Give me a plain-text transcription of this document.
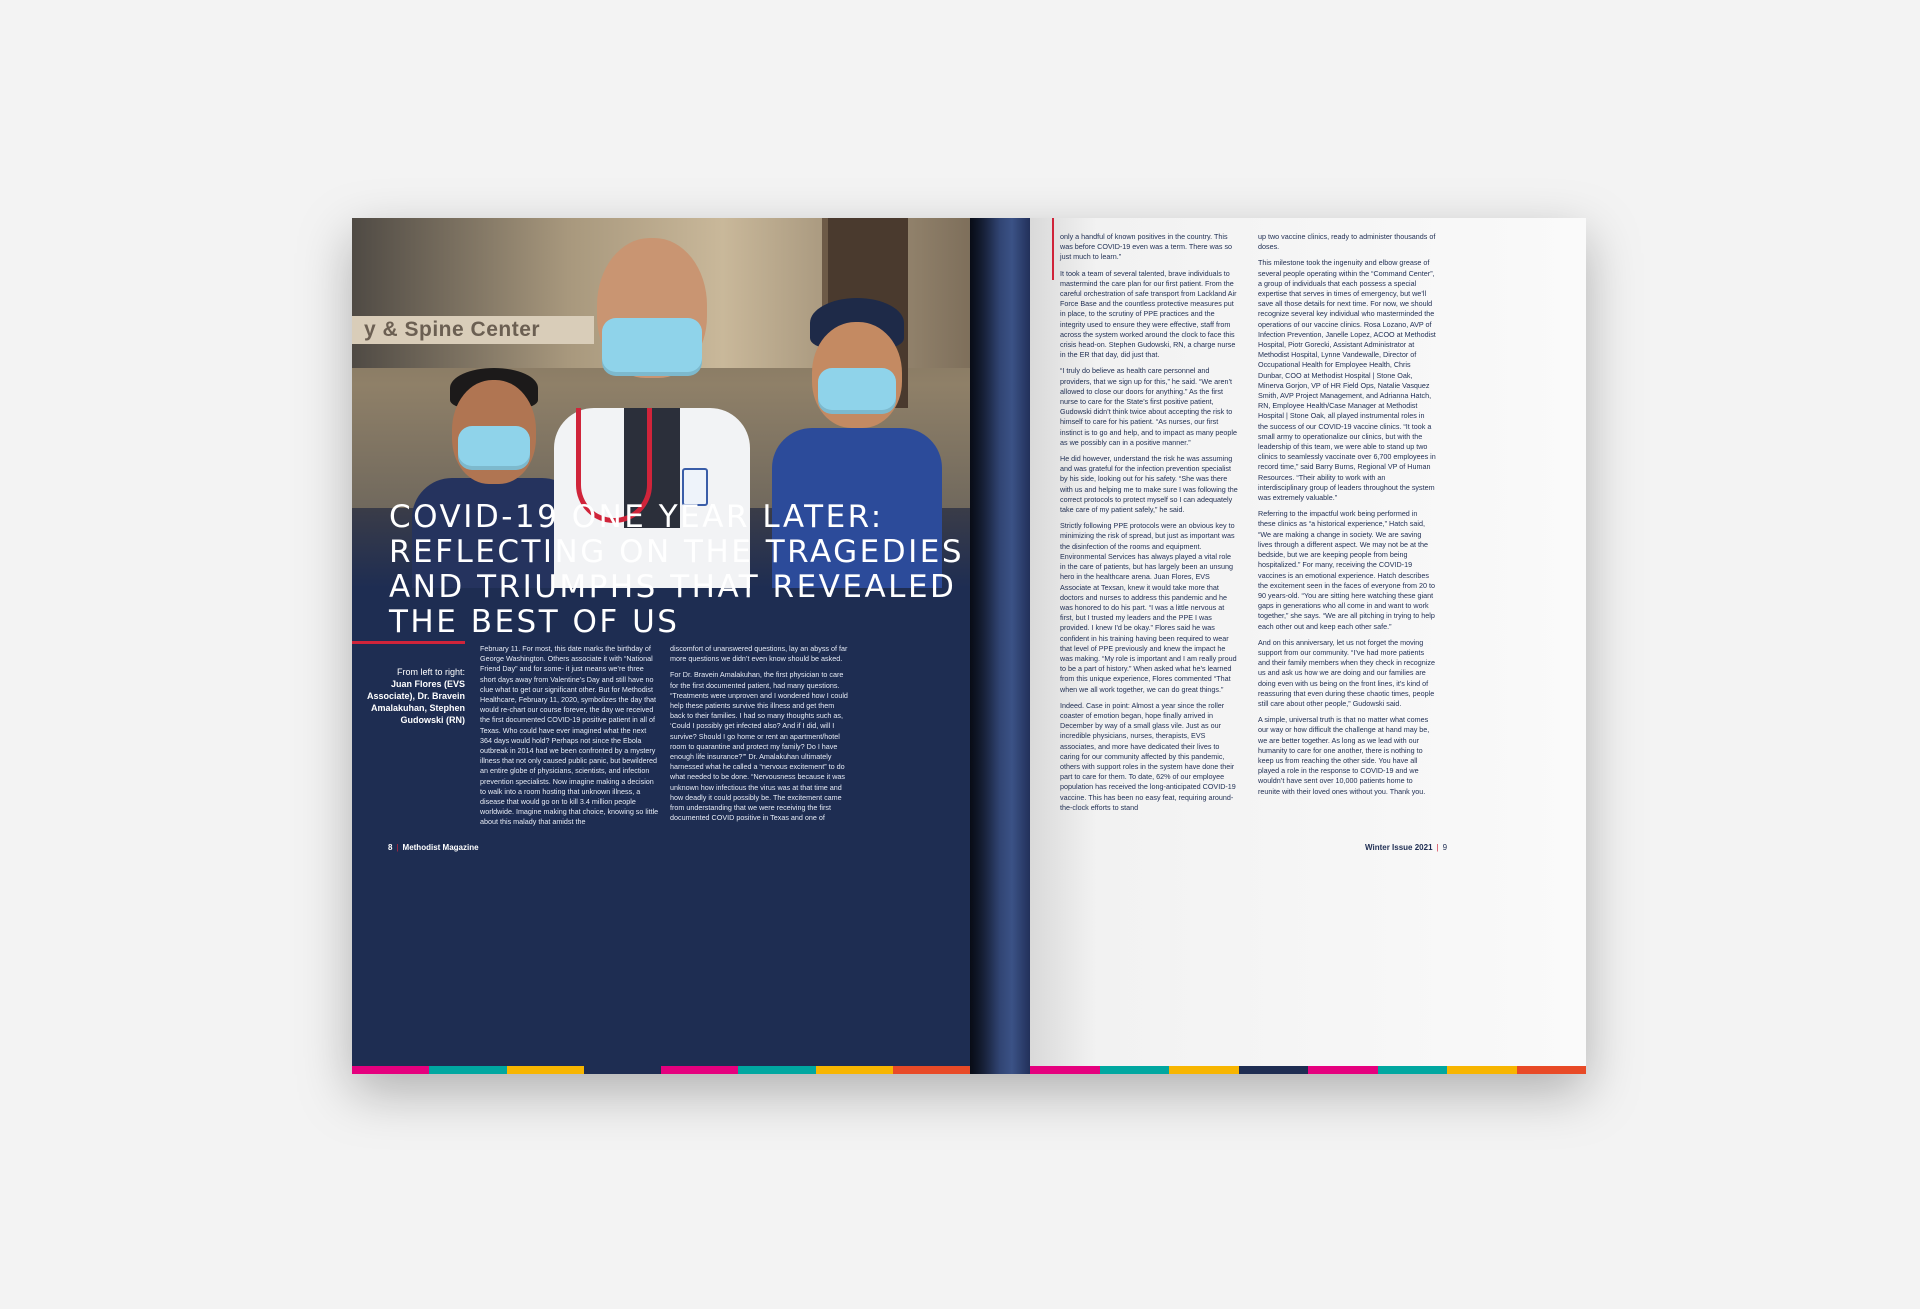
y & Spine Center
COVID-19 ONE YEAR LATER:
REFLECTING ON THE TRAGEDIES
AND TRIUMPHS THAT REVEALED
THE BEST OF US
From left to right:
Juan Flores (EVS Associate), Dr. Bravein Amalakuhan, Stephen Gudowski (RN)

February 11. For most, this date marks the birthday of George Washington. Others associate it with “National Friend Day” and for some- it just means we’re three short days away from Valentine’s Day and still have no clue what to get our significant other. But for Methodist Healthcare, February 11, 2020, symbolizes the day that would re-chart our course forever, the day we received the first documented COVID-19 positive patient in all of Texas. Who could have ever imagined what the next 364 days would hold? Perhaps not since the Ebola outbreak in 2014 had we been confronted by a mystery illness that not only caused public panic, but bewildered an entire globe of physicians, scientists, and infection prevention specialists. Now imagine making a decision to walk into a room hosting that unknown illness, a disease that would go on to kill 3.4 million people worldwide. Imagine making that choice, knowing so little about this malady that amidst the

discomfort of unanswered questions, lay an abyss of far more questions we didn’t even know should be asked.

For Dr. Bravein Amalakuhan, the first physician to care for the first documented patient, had many questions. “Treatments were unproven and I wondered how I could help these patients survive this illness and get them back to their families. I had so many thoughts such as, ‘Could I possibly get infected also? And if I did, will I survive? Should I go home or rent an apartment/hotel room to quarantine and protect my family? Do I have enough life insurance?’” Dr. Amalakuhan ultimately harnessed what he called a “nervous excitement” to do what needed to be done. “Nervousness because it was unknown how infectious the virus was at that time and how deadly it could possibly be. The excitement came from understanding that we were receiving the first documented COVID positive in Texas and one of

8 | Methodist Magazine

only a handful of known positives in the country. This was before COVID-19 even was a term. There was so just much to learn.”

It took a team of several talented, brave individuals to mastermind the care plan for our first patient. From the careful orchestration of safe transport from Lackland Air Force Base and the countless protective measures put in place, to the scrutiny of PPE practices and the integrity used to ensure they were effective, staff from across the system worked around the clock to face this crisis head-on. Stephen Gudowski, RN, a charge nurse in the ER that day, did just that.

“I truly do believe as health care personnel and providers, that we sign up for this,” he said. “We aren’t allowed to close our doors for anything.” As the first nurse to care for the State’s first positive patient, Gudowski didn’t think twice about accepting the risk to himself to care for his patient. “As nurses, our first instinct is to go and help, and to impact as many people as we possibly can in a positive manner.”

He did however, understand the risk he was assuming and was grateful for the infection prevention specialist by his side, looking out for his safety. “She was there with us and helping me to make sure I was following the correct protocols to protect myself so I can adequately take care of my patient safely,” he said.

Strictly following PPE protocols were an obvious key to minimizing the risk of spread, but just as important was the disinfection of the rooms and equipment. Environmental Services has always played a vital role in the care of patients, but has largely been an unsung hero in the healthcare arena. Juan Flores, EVS Associate at Texsan, knew it would take more that doctors and nurses to address this pandemic and he was honored to do his part. “I was a little nervous at first, but I trusted my leaders and the PPE I was provided. I knew I’d be okay.” Flores said he was confident in his training having been required to wear that level of PPE previously and knew the impact he was making. “My role is important and I am really proud to be a part of history.” When asked what he’s learned from this unique experience, Flores commented “That when we all work together, we can do great things.”

Indeed. Case in point: Almost a year since the roller coaster of emotion began, hope finally arrived in December by way of a small glass vile. Just as our incredible physicians, nurses, therapists, EVS associates, and more have dedicated their lives to caring for our community affected by this pandemic, others with support roles in the system have done their part to care for them. To date, 62% of our employee population has received the long-anticipated COVID-19 vaccine. This has been no easy feat, requiring around-the-clock efforts to stand

up two vaccine clinics, ready to administer thousands of doses.

This milestone took the ingenuity and elbow grease of several people operating within the “Command Center”, a group of individuals that each possess a special expertise that serves in times of emergency, but we’ll save all those details for next time. For now, we should recognize several key individual who masterminded the operations of our vaccine clinics. Rosa Lozano, AVP of Infection Prevention, Janelle Lopez, ACOO at Methodist Hospital, Piotr Gorecki, Assistant Administrator at Methodist Hospital, Lynne Vandewalle, Director of Occupational Health for Employee Health, Chris Dunbar, COO at Methodist Hospital | Stone Oak, Minerva Gorjon, VP of HR Field Ops, Natalie Vasquez Smith, AVP Project Management, and Adrianna Hatch, RN, Employee Health/Case Manager at Methodist Hospital | Stone Oak, all played instrumental roles in the success of our COVID-19 vaccine clinics. “It took a small army to operationalize our clinics, but with the leadership of this team, we were able to stand up two clinics to seamlessly vaccinate over 6,700 employees in record time,” said Barry Burns, Regional VP of Human Resources. “Their ability to work with an interdisciplinary group of leaders throughout the system was extremely valuable.”

Referring to the impactful work being performed in these clinics as “a historical experience,” Hatch said, “We are making a change in society. We are saving lives through a different aspect. We may not be at the bedside, but we are keeping people from being hospitalized.” For many, receiving the COVID-19 vaccines is an emotional experience. Hatch describes the excitement seen in the faces of everyone from 20 to 90 years-old. “You are sitting here watching these giant gaps in generations who all come in and want to work together,” she says. “We are all pitching in trying to help each other out and keep each other safe.”

And on this anniversary, let us not forget the moving support from our community. “I’ve had more patients and their family members when they check in recognize us and ask us how we are doing and our families are doing even with us being on the front lines, it’s kind of reassuring that even during these chaotic times, people still care about other people,” Gudowski said.

A simple, universal truth is that no matter what comes our way or how difficult the challenge at hand may be, we are better together. As long as we lead with our humanity to care for one another, there is nothing to keep us from reaching the other side. You have all played a role in the response to COVID-19 and we wouldn’t have sent over 10,000 patients home to reunite with their loved ones without you. Thank you.

Winter Issue 2021 | 9
